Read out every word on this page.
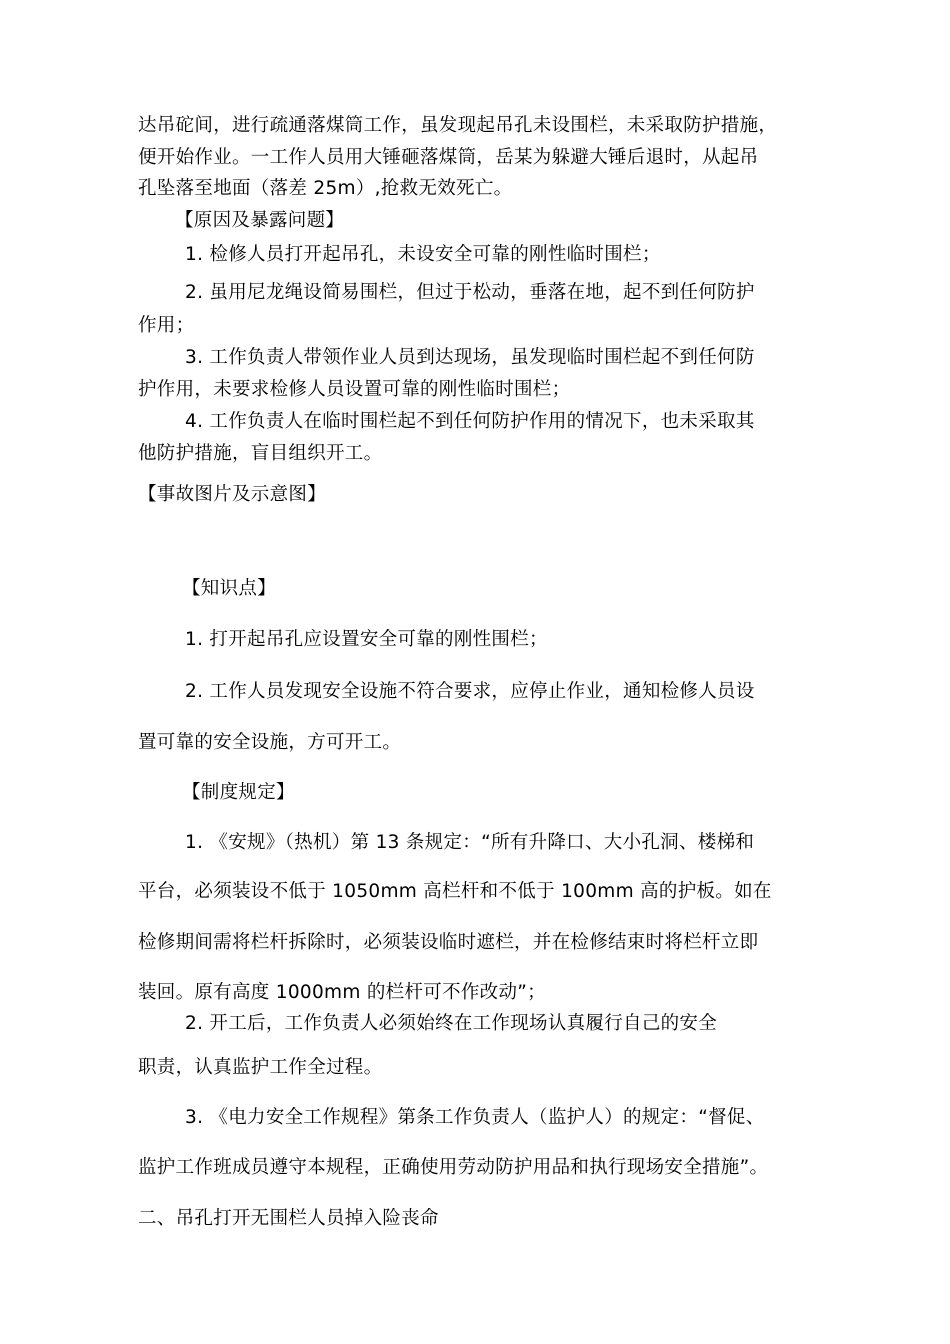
达吊砣间，进行疏通落煤筒工作，虽发现起吊孔未设围栏，未采取防护措施，
便开始作业。一工作人员用大锤砸落煤筒，岳某为躲避大锤后退时，从起吊
孔坠落至地面（落差 25m）,抢救无效死亡。
【原因及暴露问题】
1. 检修人员打开起吊孔，未设安全可靠的刚性临时围栏；
2. 虽用尼龙绳设简易围栏，但过于松动，垂落在地，起不到任何防护
作用；
3. 工作负责人带领作业人员到达现场，虽发现临时围栏起不到任何防
护作用，未要求检修人员设置可靠的刚性临时围栏；
4. 工作负责人在临时围栏起不到任何防护作用的情况下，也未采取其
他防护措施，盲目组织开工。
【事故图片及示意图】
【知识点】
1. 打开起吊孔应设置安全可靠的刚性围栏；
2. 工作人员发现安全设施不符合要求，应停止作业，通知检修人员设
置可靠的安全设施，方可开工。
【制度规定】
1. 《安规》（热机）第 13 条规定：“所有升降口、大小孔洞、楼梯和
平台，必须装设不低于 1050mm 高栏杆和不低于 100mm 高的护板。如在
检修期间需将栏杆拆除时，必须装设临时遮栏，并在检修结束时将栏杆立即
装回。原有高度 1000mm 的栏杆可不作改动”；
2. 开工后，工作负责人必须始终在工作现场认真履行自己的安全
职责，认真监护工作全过程。
3. 《电力安全工作规程》第条工作负责人（监护人）的规定：“督促、
监护工作班成员遵守本规程，正确使用劳动防护用品和执行现场安全措施”。
二、吊孔打开无围栏人员掉入险丧命
